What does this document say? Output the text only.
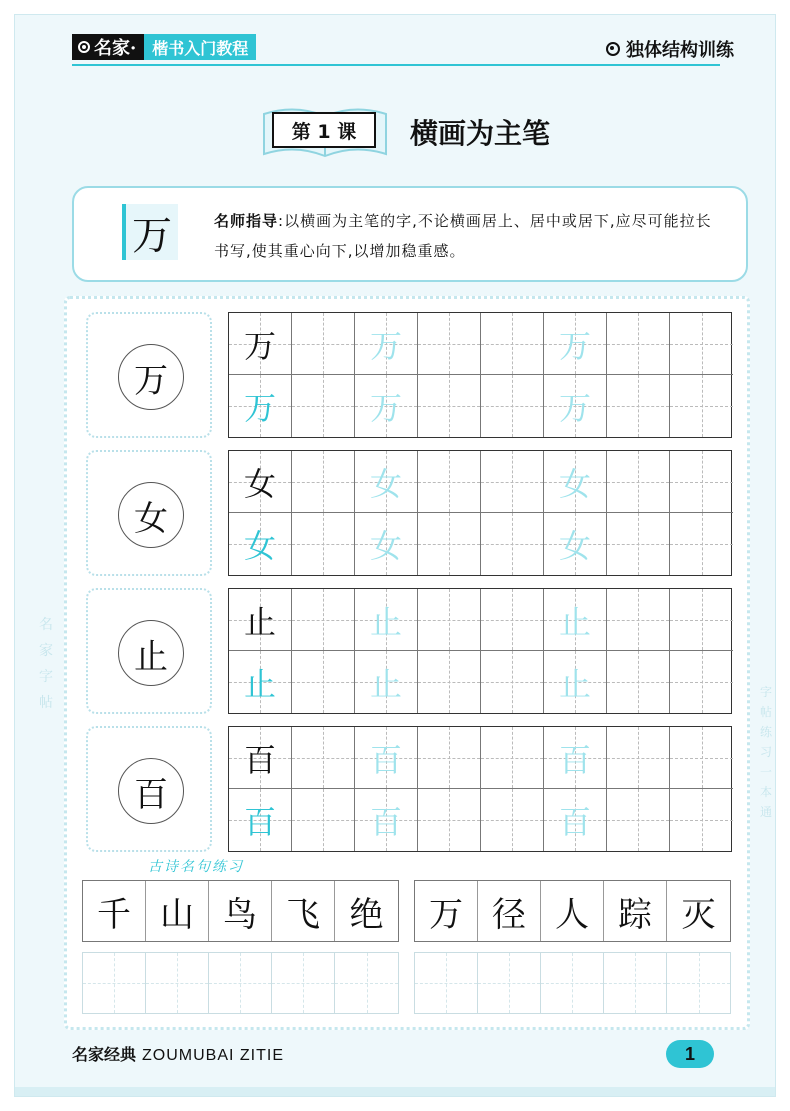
名家·	楷书入门教程	独体结构训练
第 1 课	横画为主笔
万	名师指导:以横画为主笔的字,不论横画居上、居中或居下,应尽可能拉长书写,使其重心向下,以增加稳重感。
名
家
字
帖
字
帖
练
习
一
本
通
万
万	万	万
万	万	万
女
女	女	女
女	女	女
止
止	止	止
止	止	止
百
百	百	百
百	百	百
古诗名句练习
千 山 鸟 飞 绝	万 径 人 踪 灭
名家经典 ZOUMUBAI ZITIE	1
